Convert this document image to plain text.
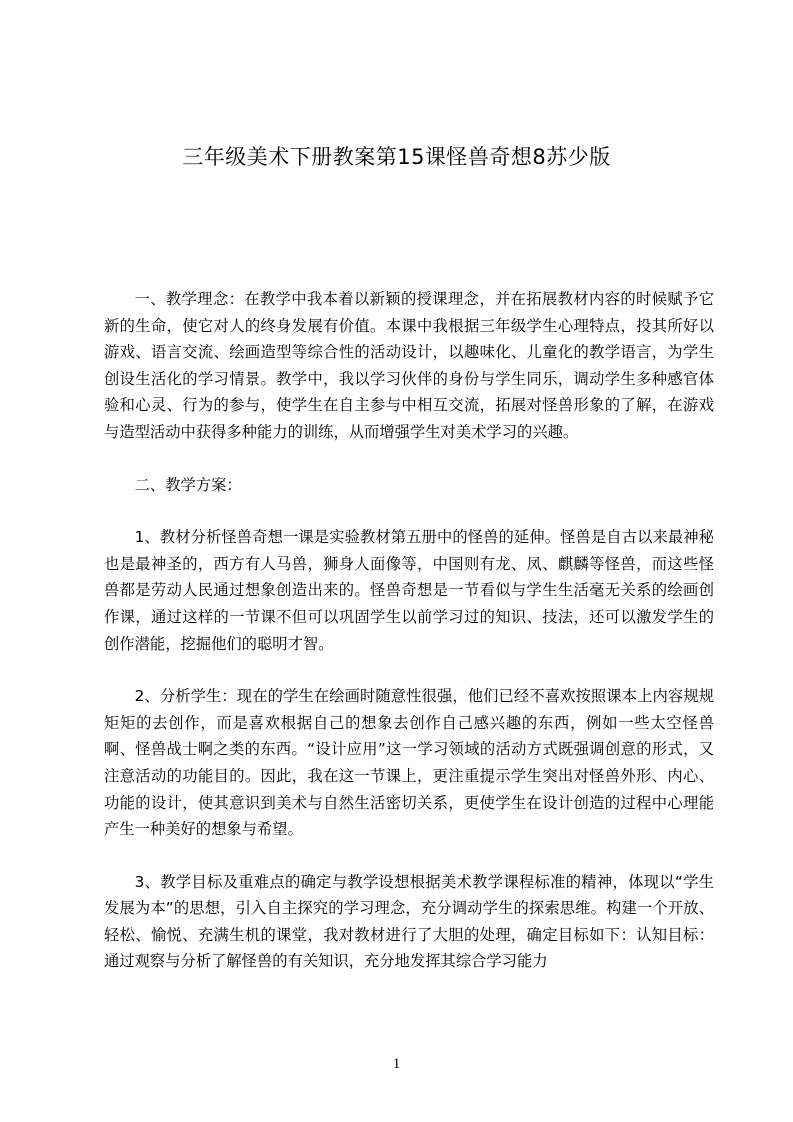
三年级美术下册教案第15课怪兽奇想8苏少版

一、教学理念：在教学中我本着以新颖的授课理念，并在拓展教材内容的时候赋予它新的生命，使它对人的终身发展有价值。本课中我根据三年级学生心理特点，投其所好以游戏、语言交流、绘画造型等综合性的活动设计，以趣味化、儿童化的教学语言，为学生创设生活化的学习情景。教学中，我以学习伙伴的身份与学生同乐，调动学生多种感官体验和心灵、行为的参与，使学生在自主参与中相互交流，拓展对怪兽形象的了解，在游戏与造型活动中获得多种能力的训练，从而增强学生对美术学习的兴趣。

二、教学方案：

1、教材分析怪兽奇想一课是实验教材第五册中的怪兽的延伸。怪兽是自古以来最神秘也是最神圣的，西方有人马兽，狮身人面像等，中国则有龙、凤、麒麟等怪兽，而这些怪兽都是劳动人民通过想象创造出来的。怪兽奇想是一节看似与学生生活毫无关系的绘画创作课，通过这样的一节课不但可以巩固学生以前学习过的知识、技法，还可以激发学生的创作潜能，挖掘他们的聪明才智。

2、分析学生：现在的学生在绘画时随意性很强，他们已经不喜欢按照课本上内容规规矩矩的去创作，而是喜欢根据自己的想象去创作自己感兴趣的东西，例如一些太空怪兽啊、怪兽战士啊之类的东西。“设计应用”这一学习领域的活动方式既强调创意的形式，又注意活动的功能目的。因此，我在这一节课上，更注重提示学生突出对怪兽外形、内心、功能的设计，使其意识到美术与自然生活密切关系，更使学生在设计创造的过程中心理能产生一种美好的想象与希望。

3、教学目标及重难点的确定与教学设想根据美术教学课程标准的精神，体现以“学生发展为本”的思想，引入自主探究的学习理念，充分调动学生的探索思维。构建一个开放、轻松、愉悦、充满生机的课堂，我对教材进行了大胆的处理，确定目标如下：认知目标：通过观察与分析了解怪兽的有关知识，充分地发挥其综合学习能力

1
